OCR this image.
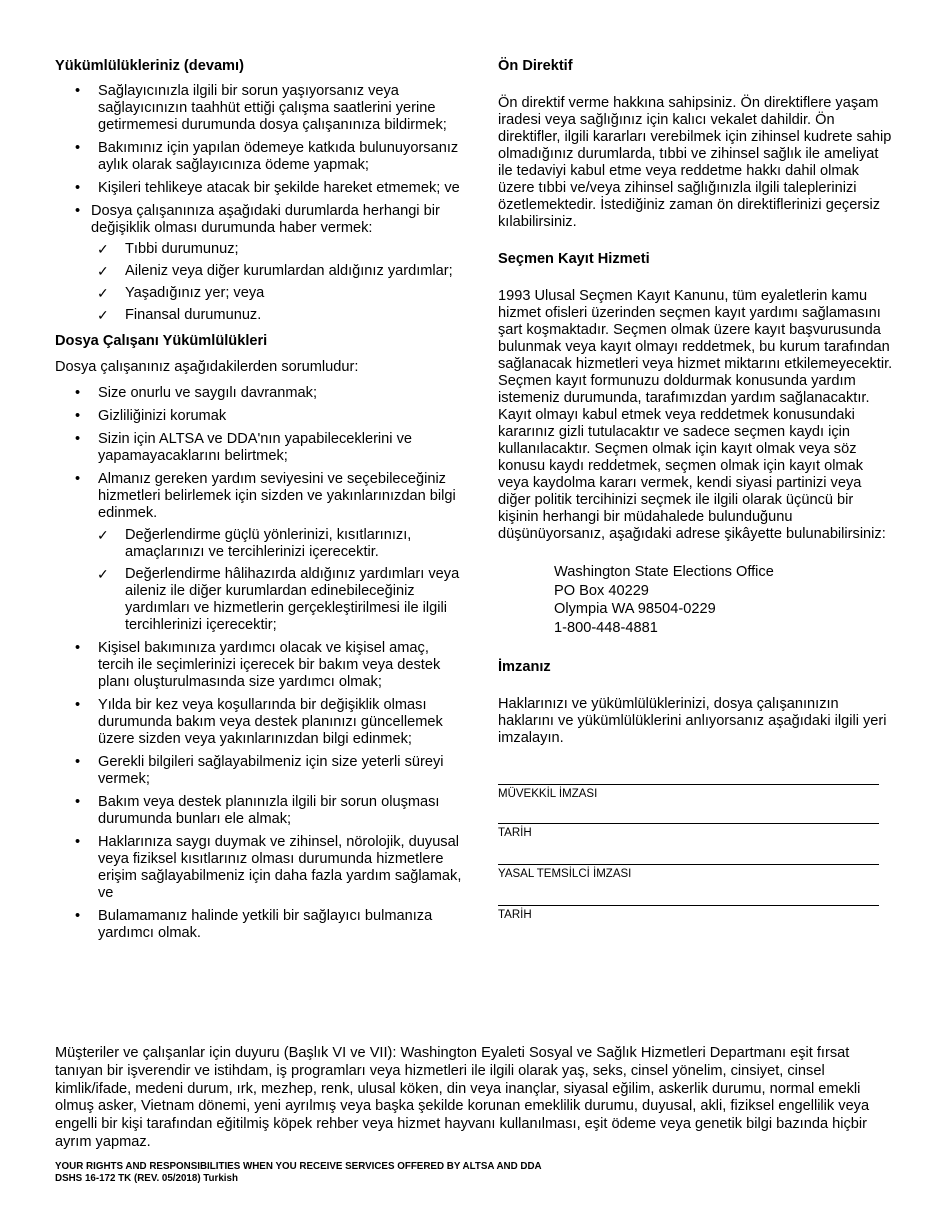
Yükümlülükleriniz (devamı)
• Sağlayıcınızla ilgili bir sorun yaşıyorsanız veya sağlayıcınızın taahhüt ettiği çalışma saatlerini yerine getirmemesi durumunda dosya çalışanınıza bildirmek;
• Bakımınız için yapılan ödemeye katkıda bulunuyorsanız aylık olarak sağlayıcınıza ödeme yapmak;
• Kişileri tehlikeye atacak bir şekilde hareket etmemek; ve
• Dosya çalışanınıza aşağıdaki durumlarda herhangi bir değişiklik olması durumunda haber vermek:
✓ Tıbbi durumunuz;
✓ Aileniz veya diğer kurumlardan aldığınız yardımlar;
✓ Yaşadığınız yer; veya
✓ Finansal durumunuz.
Dosya Çalışanı Yükümlülükleri

Dosya çalışanınız aşağıdakilerden sorumludur:

• Size onurlu ve saygılı davranmak;
• Gizliliğinizi korumak
• Sizin için ALTSA ve DDA'nın yapabileceklerini ve yapamayacaklarını belirtmek;
• Almanız gereken yardım seviyesini ve seçebileceğiniz hizmetleri belirlemek için sizden ve yakınlarınızdan bilgi edinmek.
✓ Değerlendirme güçlü yönlerinizi, kısıtlarınızı, amaçlarınızı ve tercihlerinizi içerecektir.
✓ Değerlendirme hâlihazırda aldığınız yardımları veya aileniz ile diğer kurumlardan edinebileceğiniz yardımları ve hizmetlerin gerçekleştirilmesi ile ilgili tercihlerinizi içerecektir;
• Kişisel bakımınıza yardımcı olacak ve kişisel amaç, tercih ile seçimlerinizi içerecek bir bakım veya destek planı oluşturulmasında size yardımcı olmak;
• Yılda bir kez veya koşullarında bir değişiklik olması durumunda bakım veya destek planınızı güncellemek üzere sizden veya yakınlarınızdan bilgi edinmek;
• Gerekli bilgileri sağlayabilmeniz için size yeterli süreyi vermek;
• Bakım veya destek planınızla ilgili bir sorun oluşması durumunda bunları ele almak;
• Haklarınıza saygı duymak ve zihinsel, nörolojik, duyusal veya fiziksel kısıtlarınız olması durumunda hizmetlere erişim sağlayabilmeniz için daha fazla yardım sağlamak, ve
• Bulamamanız halinde yetkili bir sağlayıcı bulmanıza yardımcı olmak.
Ön Direktif

Ön direktif verme hakkına sahipsiniz. Ön direktiflere yaşam iradesi veya sağlığınız için kalıcı vekalet dahildir. Ön direktifler, ilgili kararları verebilmek için zihinsel kudrete sahip olmadığınız durumlarda, tıbbi ve zihinsel sağlık ile ameliyat ile tedaviyi kabul etme veya reddetme hakkı dahil olmak üzere tıbbi ve/veya zihinsel sağlığınızla ilgili taleplerinizi özetlemektedir. İstediğiniz zaman ön direktiflerinizi geçersiz kılabilirsiniz.

Seçmen Kayıt Hizmeti

1993 Ulusal Seçmen Kayıt Kanunu, tüm eyaletlerin kamu hizmet ofisleri üzerinden seçmen kayıt yardımı sağlamasını şart koşmaktadır. Seçmen olmak üzere kayıt başvurusunda bulunmak veya kayıt olmayı reddetmek, bu kurum tarafından sağlanacak hizmetleri veya hizmet miktarını etkilemeyecektir. Seçmen kayıt formunuzu doldurmak konusunda yardım istemeniz durumunda, tarafımızdan yardım sağlanacaktır. Kayıt olmayı kabul etmek veya reddetmek konusundaki kararınız gizli tutulacaktır ve sadece seçmen kaydı için kullanılacaktır. Seçmen olmak için kayıt olmak veya söz konusu kaydı reddetmek, seçmen olmak için kayıt olmak veya kaydolma kararı vermek, kendi siyasi partinizi veya diğer politik tercihinizi seçmek ile ilgili olarak üçüncü bir kişinin herhangi bir müdahalede bulunduğunu düşünüyorsanız, aşağıdaki adrese şikâyette bulunabilirsiniz:

Washington State Elections Office
PO Box 40229
Olympia WA 98504-0229
1-800-448-4881
İmzanız

Haklarınızı ve yükümlülüklerinizi, dosya çalışanınızın haklarını ve yükümlülüklerini anlıyorsanız aşağıdaki ilgili yeri imzalayın.

MÜVEKKİL İMZASI
TARİH
YASAL TEMSİLCİ İMZASI
TARİH

Müşteriler ve çalışanlar için duyuru (Başlık VI ve VII): Washington Eyaleti Sosyal ve Sağlık Hizmetleri Departmanı eşit fırsat tanıyan bir işverendir ve istihdam, iş programları veya hizmetleri ile ilgili olarak yaş, seks, cinsel yönelim, cinsiyet, cinsel kimlik/ifade, medeni durum, ırk, mezhep, renk, ulusal köken, din veya inançlar, siyasal eğilim, askerlik durumu, normal emekli olmuş asker, Vietnam dönemi, yeni ayrılmış veya başka şekilde korunan emeklilik durumu, duyusal, akli, fiziksel engellilik veya engelli bir kişi tarafından eğitilmiş köpek rehber veya hizmet hayvanı kullanılması, eşit ödeme veya genetik bilgi bazında hiçbir ayrım yapmaz.

YOUR RIGHTS AND RESPONSIBILITIES WHEN YOU RECEIVE SERVICES OFFERED BY ALTSA AND DDA
DSHS 16-172 TK (REV. 05/2018) Turkish
